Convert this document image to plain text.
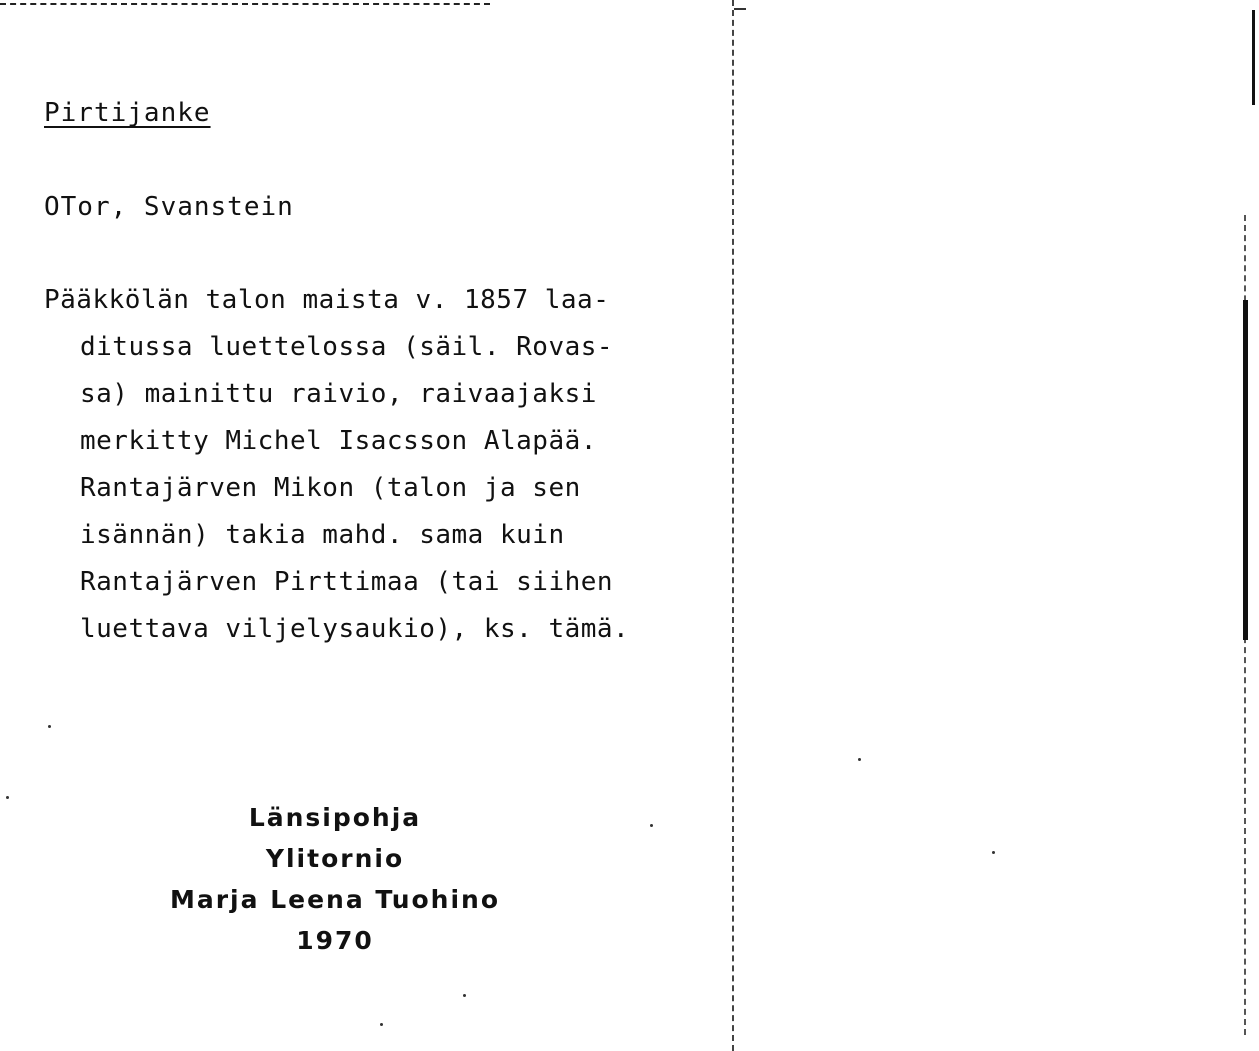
Pirtijanke

OTor, Svanstein

Pääkkölän talon maista v. 1857 laa-
ditussa luettelossa (säil. Rovas-
sa) mainittu raivio, raivaajaksi
merkitty Michel Isacsson Alapää.
Rantajärven Mikon (talon ja sen
isännän) takia mahd. sama kuin
Rantajärven Pirttimaa (tai siihen
luettava viljelysaukio), ks. tämä.
Länsipohja
Ylitornio
Marja Leena Tuohino
1970
